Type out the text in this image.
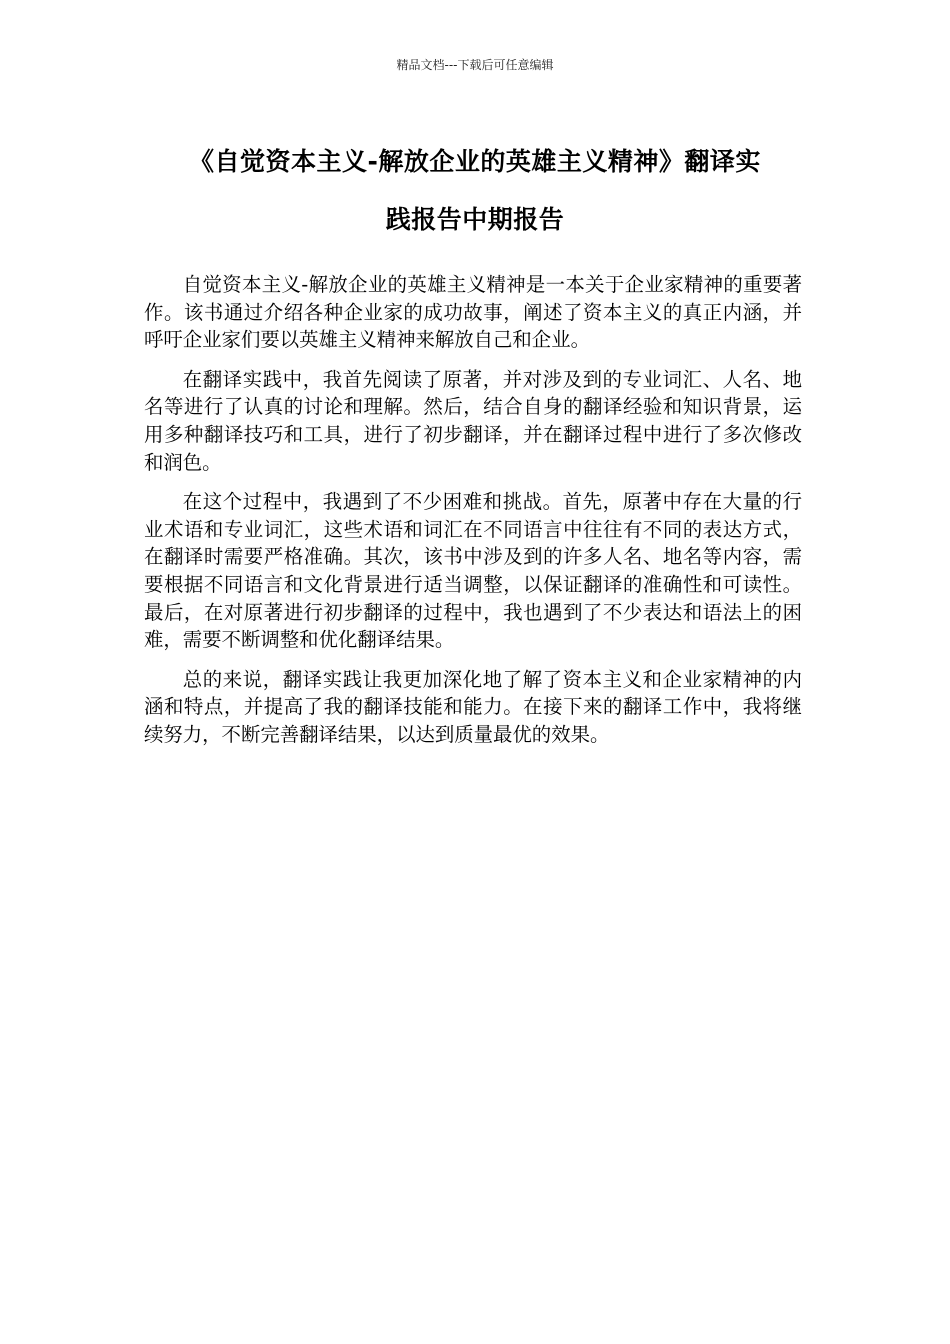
精品文档---下载后可任意编辑
《自觉资本主义-解放企业的英雄主义精神》翻译实
践报告中期报告

自觉资本主义-解放企业的英雄主义精神是一本关于企业家精神的重要著作。该书通过介绍各种企业家的成功故事，阐述了资本主义的真正内涵，并呼吁企业家们要以英雄主义精神来解放自己和企业。

在翻译实践中，我首先阅读了原著，并对涉及到的专业词汇、人名、地名等进行了认真的讨论和理解。然后，结合自身的翻译经验和知识背景，运用多种翻译技巧和工具，进行了初步翻译，并在翻译过程中进行了多次修改和润色。

在这个过程中，我遇到了不少困难和挑战。首先，原著中存在大量的行业术语和专业词汇，这些术语和词汇在不同语言中往往有不同的表达方式，在翻译时需要严格准确。其次，该书中涉及到的许多人名、地名等内容，需要根据不同语言和文化背景进行适当调整，以保证翻译的准确性和可读性。最后，在对原著进行初步翻译的过程中，我也遇到了不少表达和语法上的困难，需要不断调整和优化翻译结果。

总的来说，翻译实践让我更加深化地了解了资本主义和企业家精神的内涵和特点，并提高了我的翻译技能和能力。在接下来的翻译工作中，我将继续努力，不断完善翻译结果，以达到质量最优的效果。
